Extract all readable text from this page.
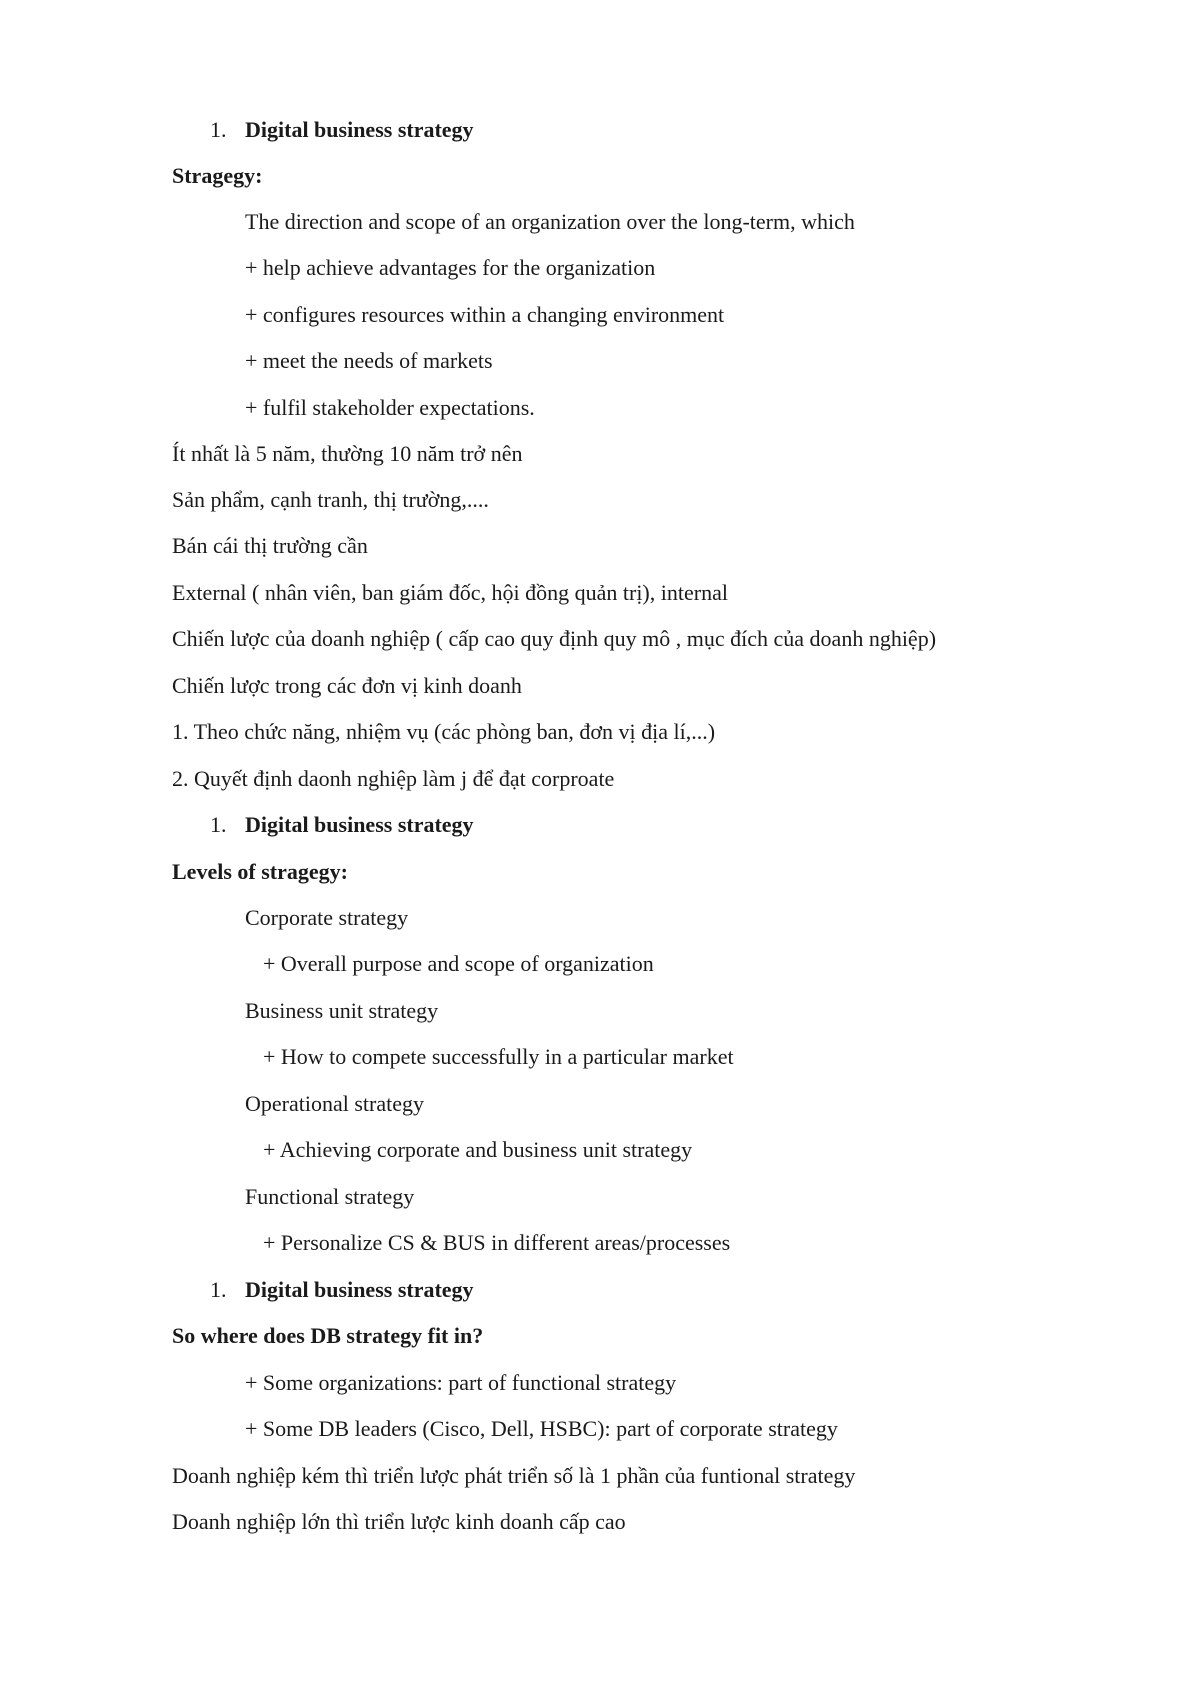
1. Digital business strategy
Stragegy:
The direction and scope of an organization over the long-term, which
+ help achieve advantages for the organization
+ configures resources within a changing environment
+ meet the needs of markets
+ fulfil stakeholder expectations.
Ít nhất là 5 năm, thường 10 năm trở nên
Sản phẩm, cạnh tranh, thị trường,....
Bán cái thị trường cần
External ( nhân viên, ban giám đốc, hội đồng quản trị), internal
Chiến lược của doanh nghiệp ( cấp cao quy định quy mô , mục đích của doanh nghiệp)
Chiến lược trong các đơn vị kinh doanh
1. Theo chức năng, nhiệm vụ (các phòng ban, đơn vị địa lí,...)
2. Quyết định daonh nghiệp làm j để đạt corproate
1. Digital business strategy
Levels of stragegy:
Corporate strategy
+ Overall purpose and scope of organization
Business unit strategy
+ How to compete successfully in a particular market
Operational strategy
+ Achieving corporate and business unit strategy
Functional strategy
+ Personalize CS & BUS in different areas/processes
1. Digital business strategy
So where does DB strategy fit in?
+ Some organizations: part of functional strategy
+ Some DB leaders (Cisco, Dell, HSBC): part of corporate strategy
Doanh nghiệp kém thì triển lược phát triển số là 1 phần của funtional strategy
Doanh nghiệp lớn thì triển lược kinh doanh cấp cao
